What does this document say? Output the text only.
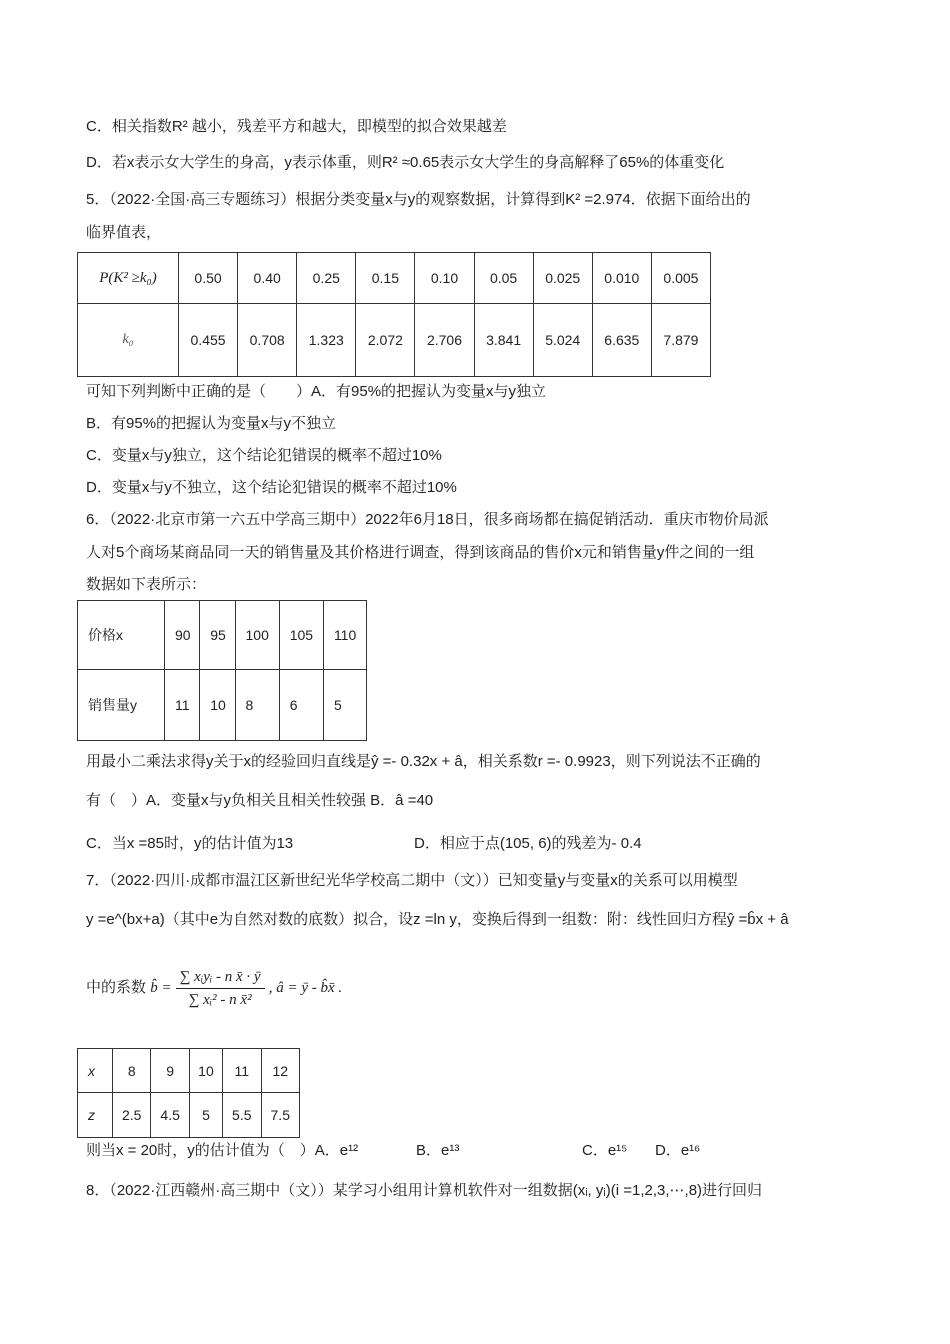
C．相关指数R² 越小，残差平方和越大，即模型的拟合效果越差
D．若x表示女大学生的身高，y表示体重，则R² ≈0.65表示女大学生的身高解释了65%的体重变化
5．（2022·全国·高三专题练习）根据分类变量x与y的观察数据，计算得到K² =2.974．依据下面给出的
临界值表，
P(K² ≥k₀)	0.50	0.40	0.25	0.15	0.10	0.05	0.025	0.010	0.005
k₀	0.455	0.708	1.323	2.072	2.706	3.841	5.024	6.635	7.879
可知下列判断中正确的是（　　）A．有95%的把握认为变量x与y独立
B．有95%的把握认为变量x与y不独立
C．变量x与y独立，这个结论犯错误的概率不超过10%
D．变量x与y不独立，这个结论犯错误的概率不超过10%
6．（2022·北京市第一六五中学高三期中）2022年6月18日，很多商场都在搞促销活动．重庆市物价局派
人对5个商场某商品同一天的销售量及其价格进行调查，得到该商品的售价x元和销售量y件之间的一组
数据如下表所示：
价格x	90	95	100	105	110
销售量y	11	10	8	6	5
用最小二乘法求得y关于x的经验回归直线是ŷ =- 0.32x + â，相关系数r =- 0.9923，则下列说法不正确的
有（　）A．变量x与y负相关且相关性较强 B．â =40
C．当x =85时，y的估计值为13	D．相应于点(105, 6)的残差为- 0.4
7．（2022·四川·成都市温江区新世纪光华学校高二期中（文））已知变量y与变量x的关系可以用模型
y =e^(bx+a)（其中e为自然对数的底数）拟合，设z =ln y，变换后得到一组数：附：线性回归方程ŷ =b̂x + â
中的系数 b̂ = $\frac{\text{∑ xᵢyᵢ - n x̄ · ȳ}}{\text{∑ xᵢ² - n x̄²}}$ , â = ȳ - b̂x̄ .
x	8	9	10	11	12
z	2.5	4.5	5	5.5	7.5
则当x = 20时，y的估计值为（　）A．e¹²	B．e¹³	C．e¹⁵ D．e¹⁶
8．（2022·江西赣州·高三期中（文））某学习小组用计算机软件对一组数据(xᵢ, yᵢ)(i =1,2,3,⋯,8)进行回归
